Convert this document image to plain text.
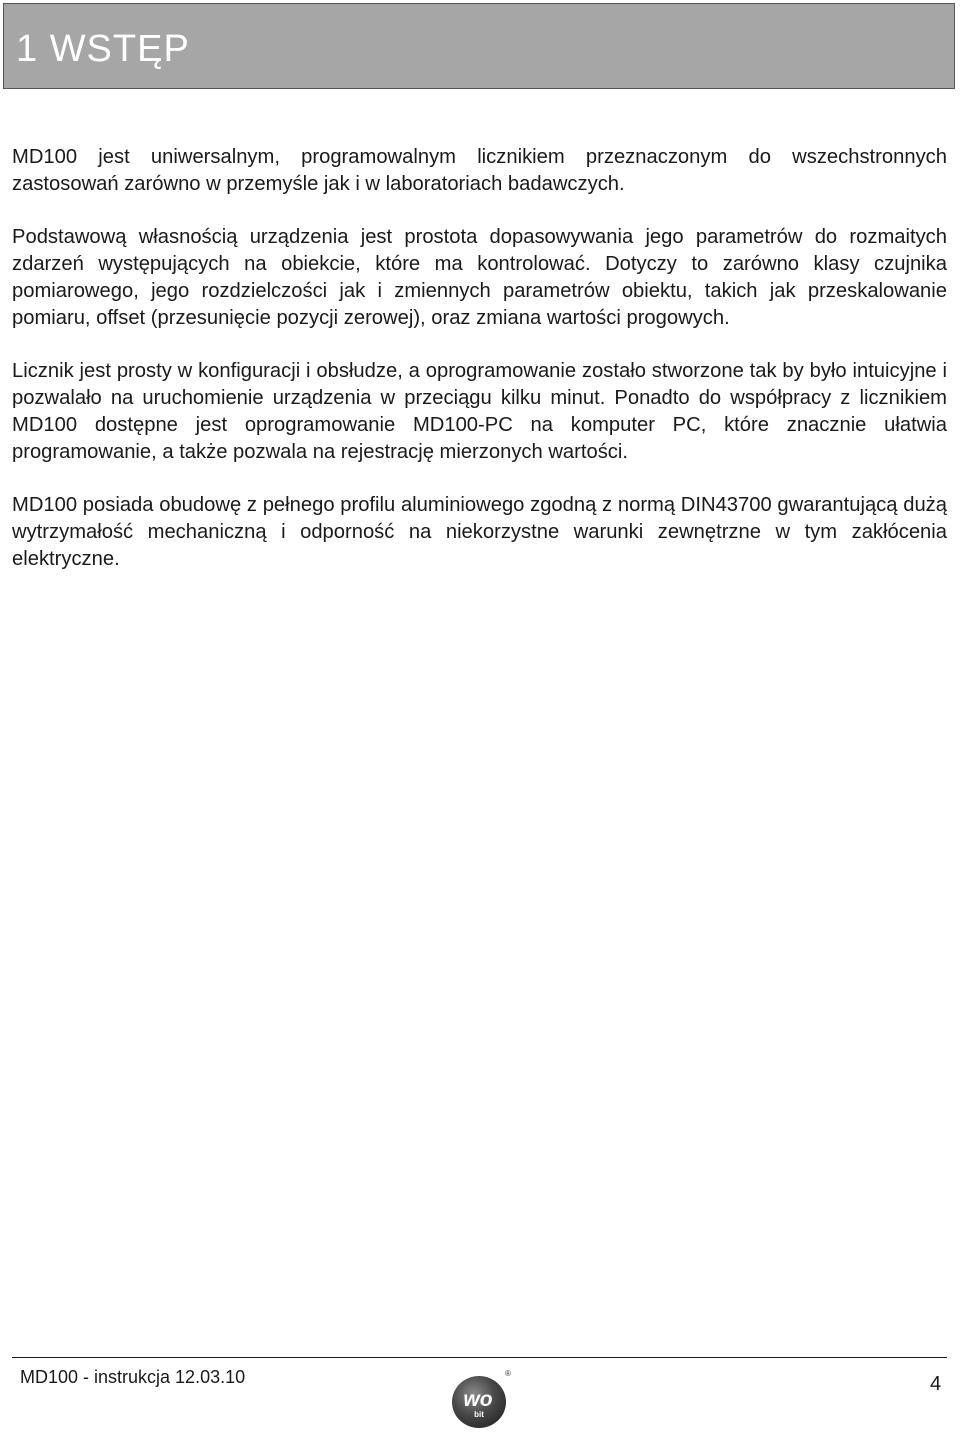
1 WSTĘP

MD100 jest uniwersalnym, programowalnym licznikiem przeznaczonym do wszechstronnych zastosowań zarówno w przemyśle jak i w laboratoriach badawczych.

Podstawową własnością urządzenia jest prostota dopasowywania jego parametrów do rozmaitych zdarzeń występujących na obiekcie, które ma kontrolować. Dotyczy to zarówno klasy czujnika pomiarowego, jego rozdzielczości jak i zmiennych parametrów obiektu, takich jak przeskalowanie pomiaru, offset (przesunięcie pozycji zerowej), oraz zmiana wartości progowych.

Licznik jest prosty w konfiguracji i obsłudze, a oprogramowanie zostało stworzone tak by było intuicyjne i pozwalało na uruchomienie urządzenia w przeciągu kilku minut. Ponadto do współpracy z licznikiem MD100 dostępne jest oprogramowanie MD100-PC na komputer PC, które znacznie ułatwia programowanie, a także pozwala na rejestrację mierzonych wartości.

MD100 posiada obudowę z pełnego profilu aluminiowego zgodną z normą DIN43700 gwarantującą dużą wytrzymałość mechaniczną i odporność na niekorzystne warunki zewnętrzne w tym zakłócenia elektryczne.

MD100 - instrukcja 12.03.10
wo
bit
®	4
